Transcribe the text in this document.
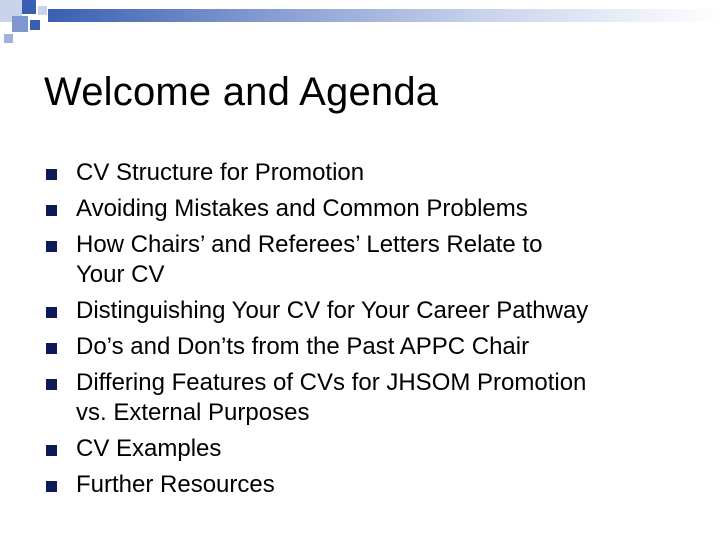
Welcome and Agenda
CV Structure for Promotion
Avoiding Mistakes and Common Problems
How Chairs’ and Referees’ Letters Relate to
Your CV
Distinguishing Your CV for Your Career Pathway
Do’s and Don’ts from the Past APPC Chair
Differing Features of CVs for JHSOM Promotion
vs. External Purposes
CV Examples
Further Resources
